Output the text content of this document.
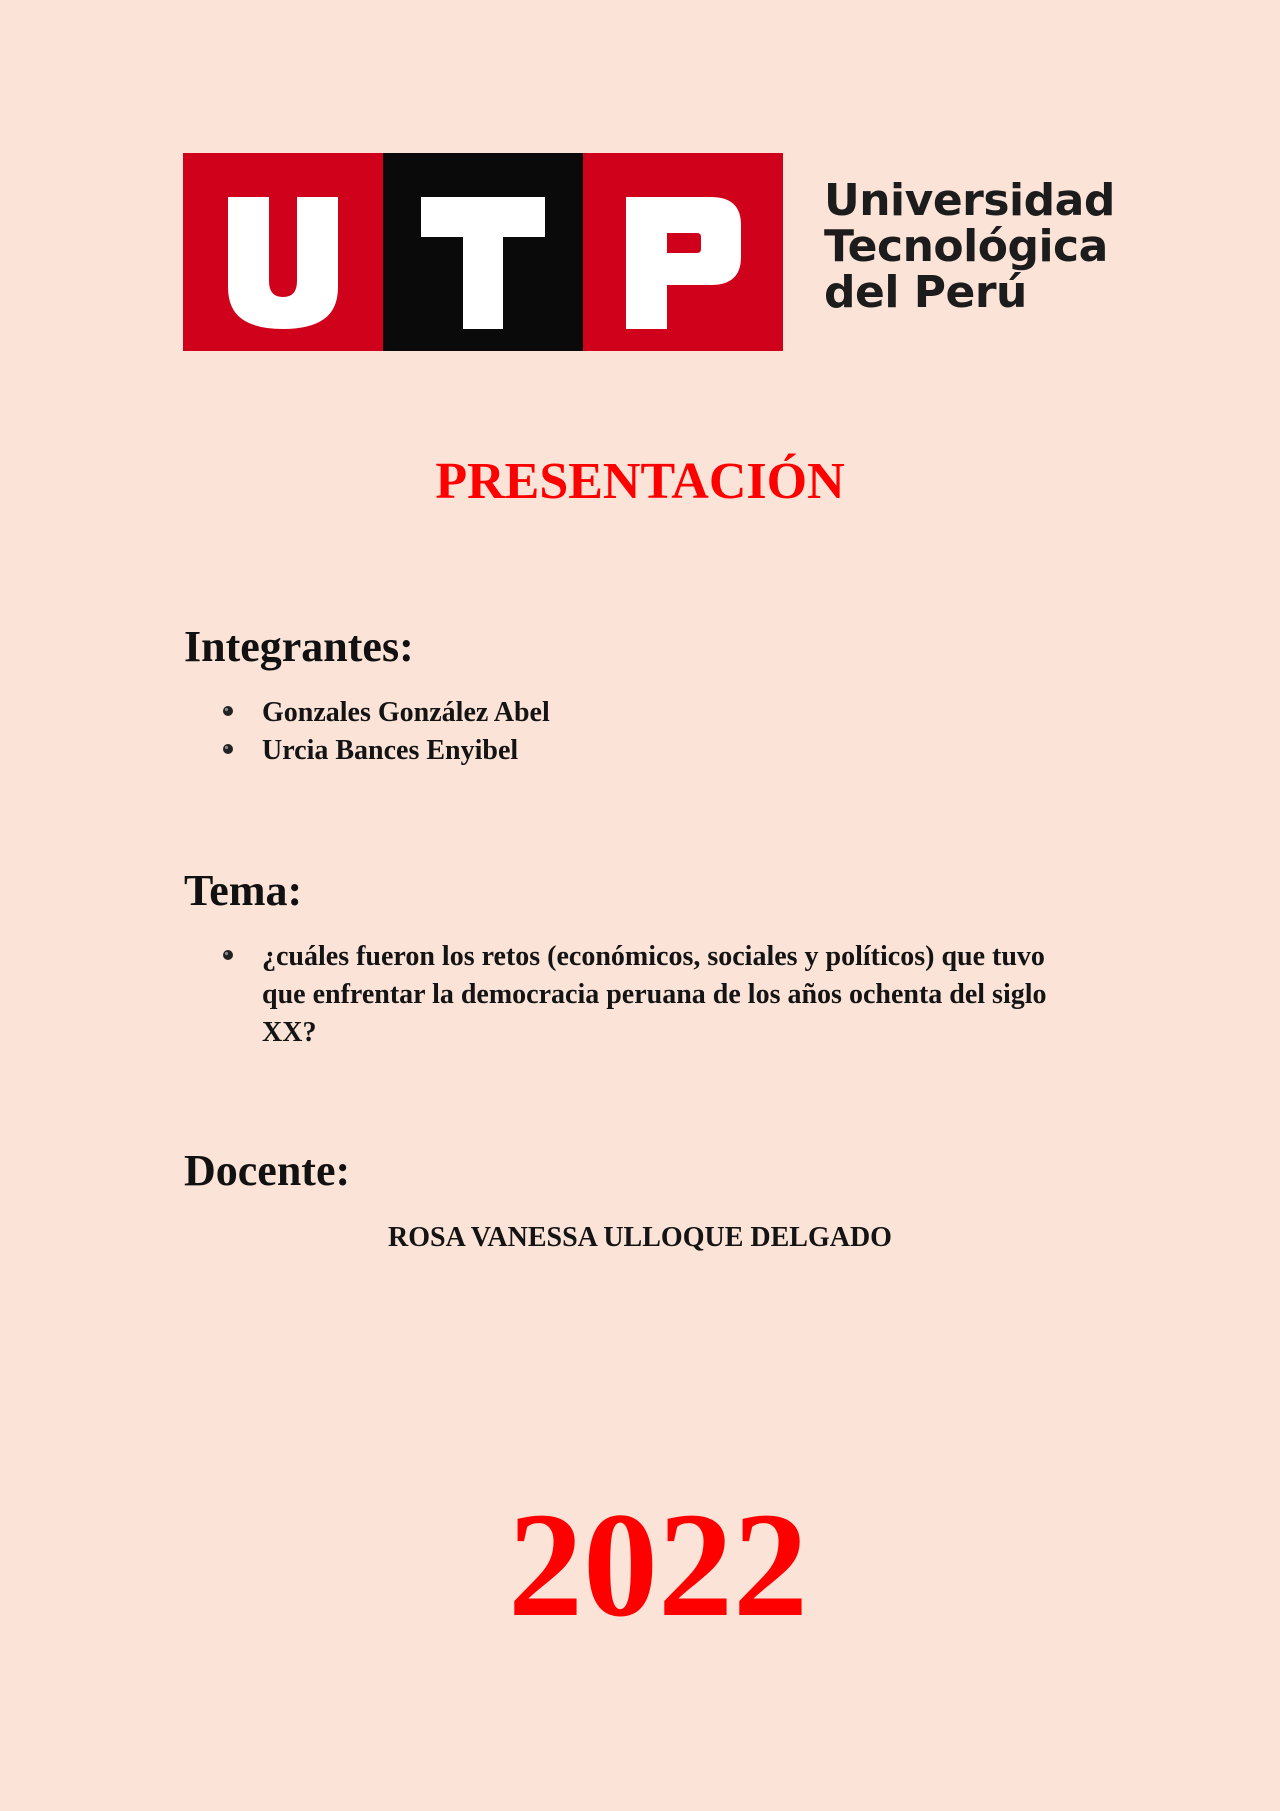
Universidad
Tecnológica
del Perú
PRESENTACIÓN
Integrantes:
Gonzales González Abel
Urcia Bances Enyibel
Tema:
¿cuáles fueron los retos (económicos, sociales y políticos) que tuvo que enfrentar la democracia peruana de los años ochenta del siglo XX?
Docente:

ROSA VANESSA ULLOQUE DELGADO

2022
